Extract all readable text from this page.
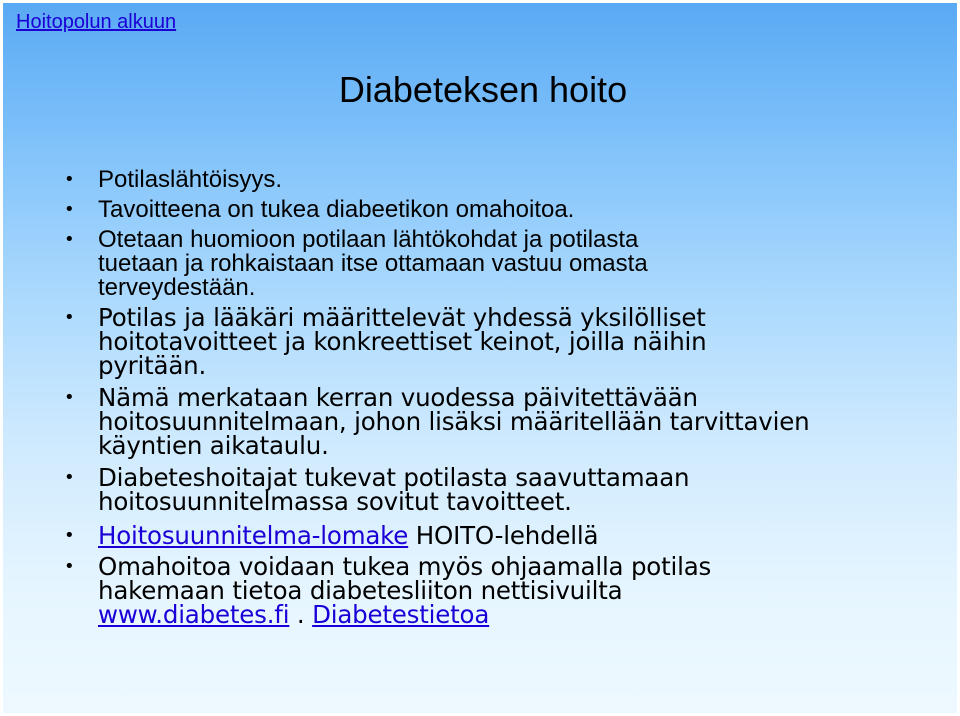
Hoitopolun alkuun
Diabeteksen hoito
• Potilaslähtöisyys.
• Tavoitteena on tukea diabeetikon omahoitoa.
• Otetaan huomioon potilaan lähtökohdat ja potilasta
tuetaan ja rohkaistaan itse ottamaan vastuu omasta
terveydestään.
• Potilas ja lääkäri määrittelevät yhdessä yksilölliset
hoitotavoitteet ja konkreettiset keinot, joilla näihin
pyritään.
• Nämä merkataan kerran vuodessa päivitettävään
hoitosuunnitelmaan, johon lisäksi määritellään tarvittavien
käyntien aikataulu.
• Diabeteshoitajat tukevat potilasta saavuttamaan
hoitosuunnitelmassa sovitut tavoitteet.
• Hoitosuunnitelma-lomake HOITO-lehdellä
• Omahoitoa voidaan tukea myös ohjaamalla potilas
hakemaan tietoa diabetesliiton nettisivuilta
www.diabetes.fi . Diabetestietoa
